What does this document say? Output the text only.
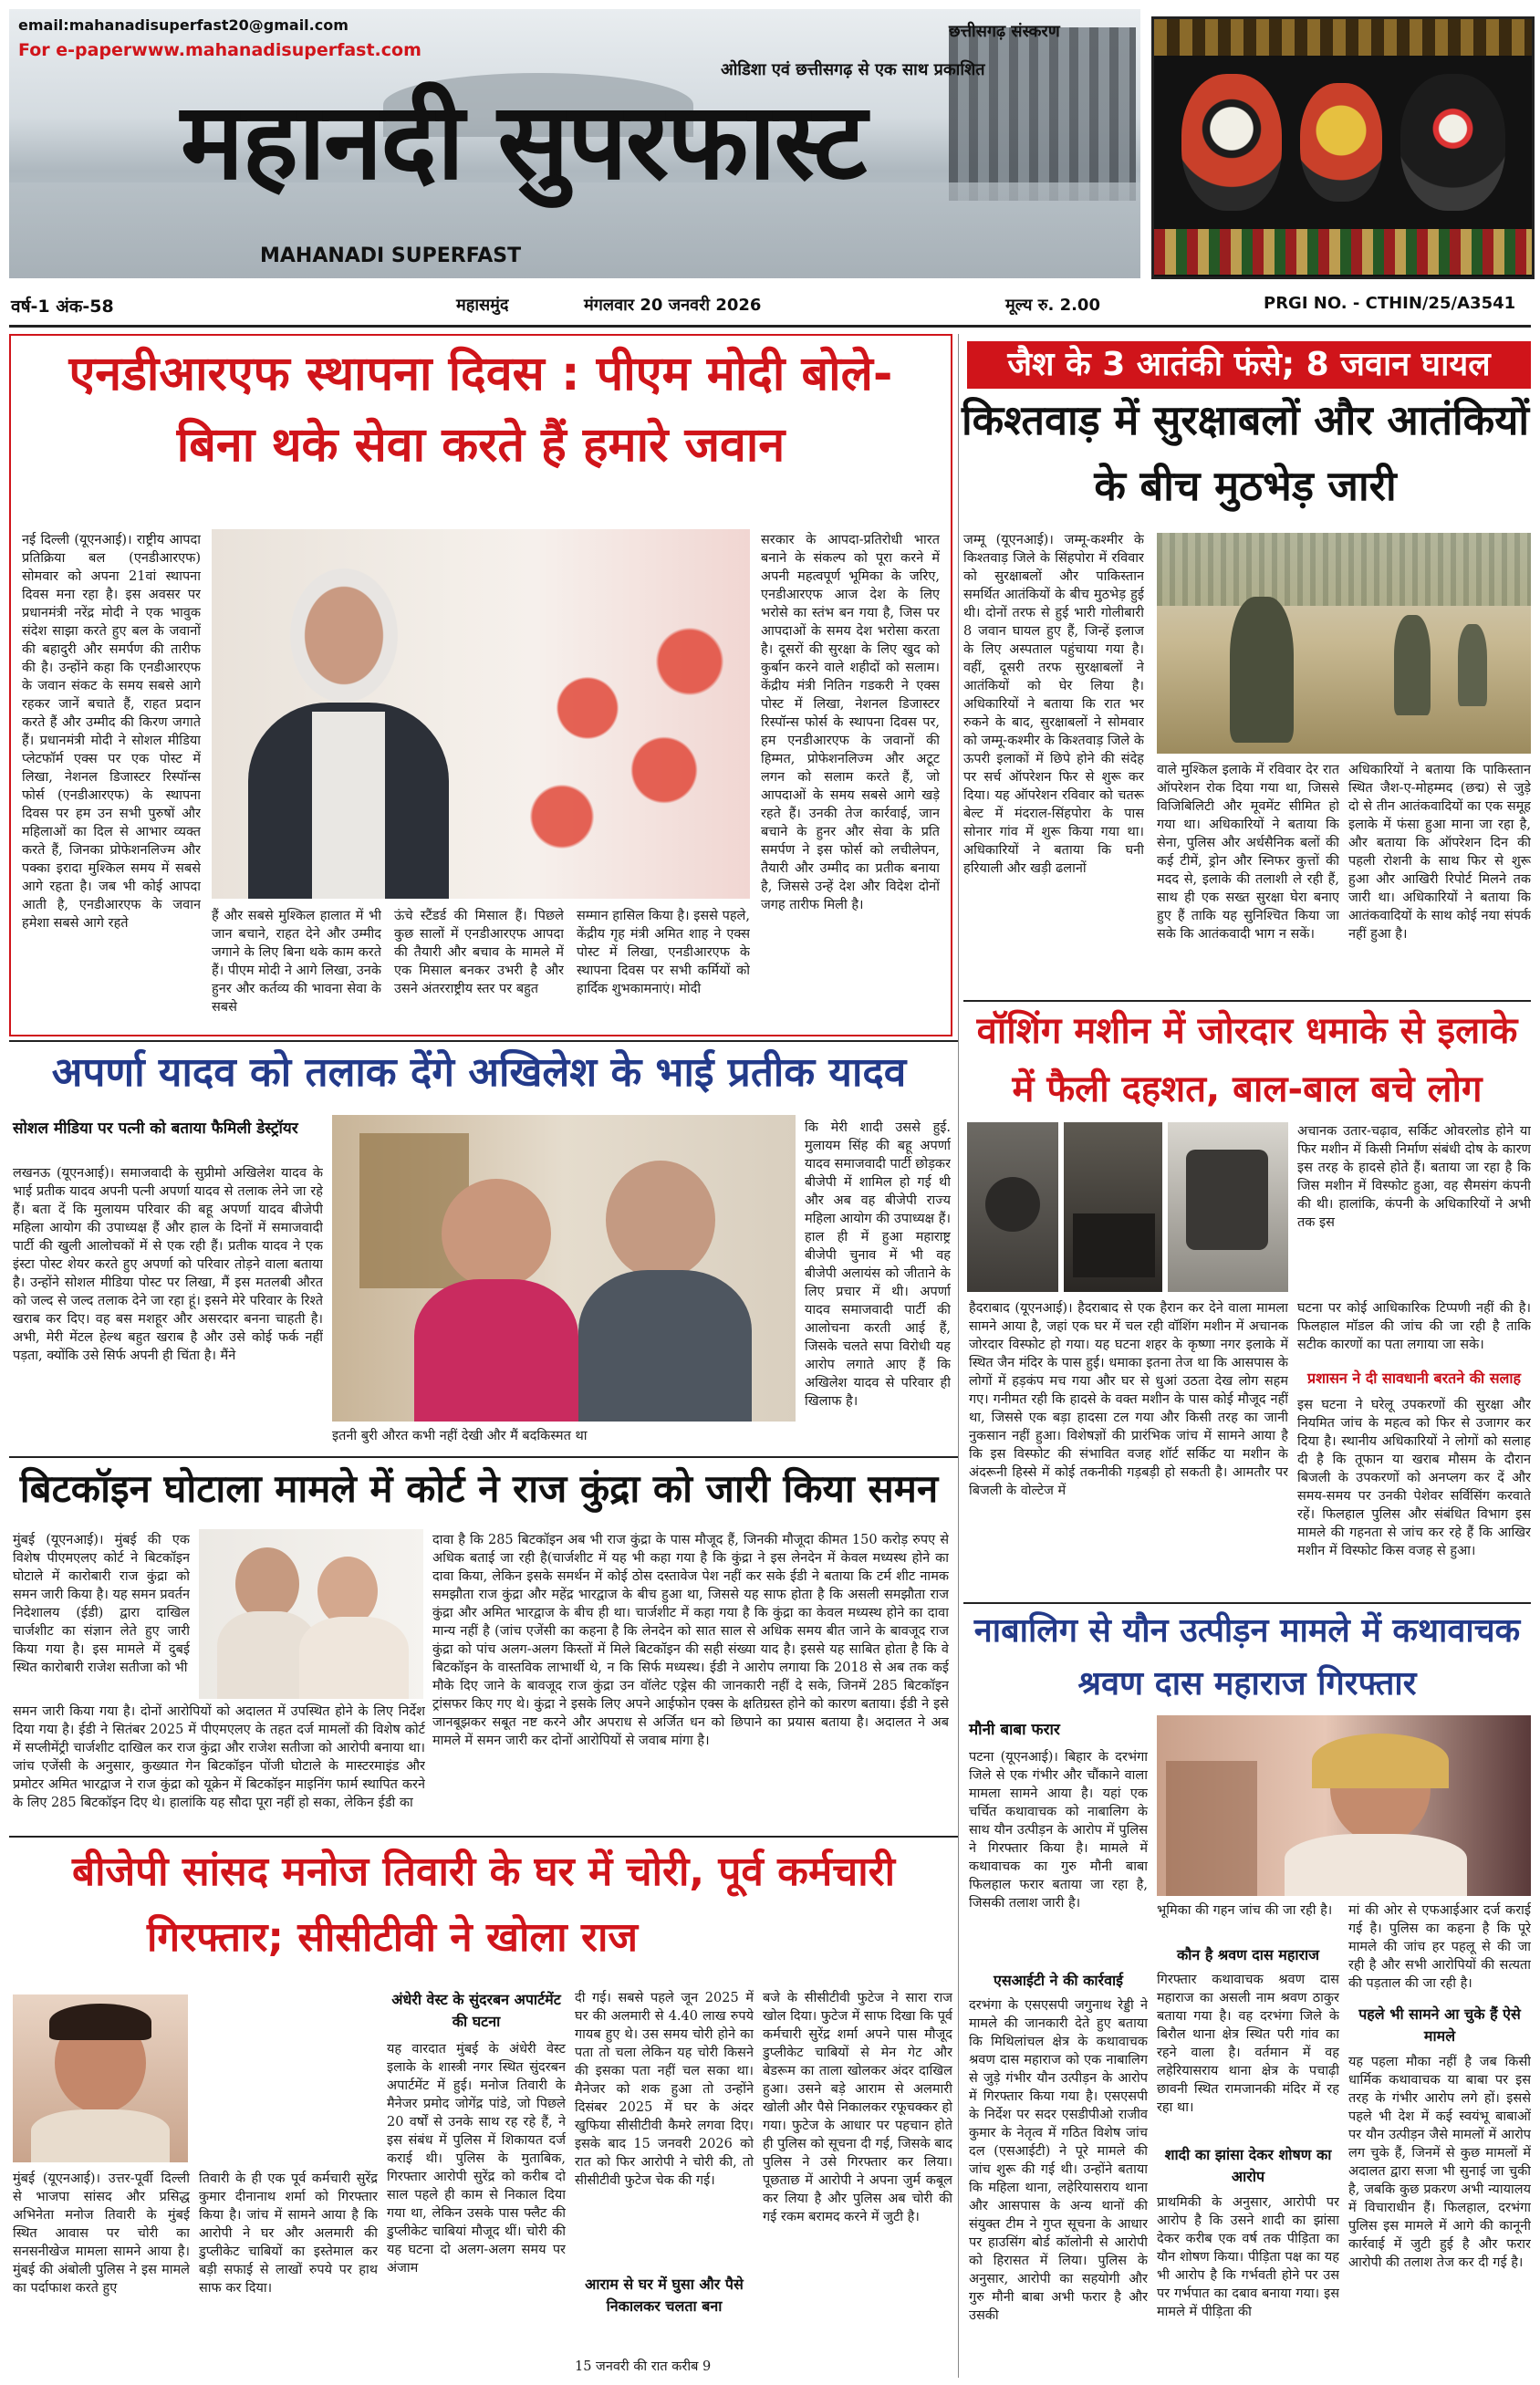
email:mahanadisuperfast20@gmail.com
For e-paperwww.mahanadisuperfast.com
छत्तीसगढ़ संस्करण
ओडिशा एवं छत्तीसगढ़ से एक साथ प्रकाशित
महानदी सुपरफास्ट
MAHANADI SUPERFAST
वर्ष-1 अंक-58	महासमुंद	मंगलवार 20 जनवरी 2026	मूल्य रु. 2.00	PRGI NO. - CTHIN/25/A3541
एनडीआरएफ स्थापना दिवस : पीएम मोदी बोले-
बिना थके सेवा करते हैं हमारे जवान
नई दिल्ली (यूएनआई)। राष्ट्रीय आपदा प्रतिक्रिया बल (एनडीआरएफ) सोमवार को अपना 21वां स्थापना दिवस मना रहा है। इस अवसर पर प्रधानमंत्री नरेंद्र मोदी ने एक भावुक संदेश साझा करते हुए बल के जवानों की बहादुरी और समर्पण की तारीफ की है। उन्होंने कहा कि एनडीआरएफ के जवान संकट के समय सबसे आगे रहकर जानें बचाते हैं, राहत प्रदान करते हैं और उम्मीद की किरण जगाते हैं। प्रधानमंत्री मोदी ने सोशल मीडिया प्लेटफॉर्म एक्स पर एक पोस्ट में लिखा, नेशनल डिजास्टर रिस्पॉन्स फोर्स (एनडीआरएफ) के स्थापना दिवस पर हम उन सभी पुरुषों और महिलाओं का दिल से आभार व्यक्त करते हैं, जिनका प्रोफेशनलिज्म और पक्का इरादा मुश्किल समय में सबसे आगे रहता है। जब भी कोई आपदा आती है, एनडीआरएफ के जवान हमेशा सबसे आगे रहते	हैं और सबसे मुश्किल हालात में भी जान बचाने, राहत देने और उम्मीद जगाने के लिए बिना थके काम करते हैं। पीएम मोदी ने आगे लिखा, उनके हुनर और कर्तव्य की भावना सेवा के सबसे
ऊंचे स्टैंडर्ड की मिसाल हैं। पिछले कुछ सालों में एनडीआरएफ आपदा की तैयारी और बचाव के मामले में एक मिसाल बनकर उभरी है और उसने अंतरराष्ट्रीय स्तर पर बहुत
सम्मान हासिल किया है। इससे पहले, केंद्रीय गृह मंत्री अमित शाह ने एक्स पोस्ट में लिखा, एनडीआरएफ के स्थापना दिवस पर सभी कर्मियों को हार्दिक शुभकामनाएं। मोदी
सरकार के आपदा-प्रतिरोधी भारत बनाने के संकल्प को पूरा करने में अपनी महत्वपूर्ण भूमिका के जरिए, एनडीआरएफ आज देश के लिए भरोसे का स्तंभ बन गया है, जिस पर आपदाओं के समय देश भरोसा करता है। दूसरों की सुरक्षा के लिए खुद को कुर्बान करने वाले शहीदों को सलाम। केंद्रीय मंत्री नितिन गडकरी ने एक्स पोस्ट में लिखा, नेशनल डिजास्टर रिस्पॉन्स फोर्स के स्थापना दिवस पर, हम एनडीआरएफ के जवानों की हिम्मत, प्रोफेशनलिज्म और अटूट लगन को सलाम करते हैं, जो आपदाओं के समय सबसे आगे खड़े रहते हैं। उनकी तेज कार्रवाई, जान बचाने के हुनर और सेवा के प्रति समर्पण ने इस फोर्स को लचीलेपन, तैयारी और उम्मीद का प्रतीक बनाया है, जिससे उन्हें देश और विदेश दोनों जगह तारीफ मिली है।
जैश के 3 आतंकी फंसे; 8 जवान घायल
किश्तवाड़ में सुरक्षाबलों और आतंकियों
के बीच मुठभेड़ जारी
जम्मू (यूएनआई)। जम्मू-कश्मीर के किश्तवाड़ जिले के सिंहपोरा में रविवार को सुरक्षाबलों और पाकिस्तान समर्थित आतंकियों के बीच मुठभेड़ हुई थी। दोनों तरफ से हुई भारी गोलीबारी 8 जवान घायल हुए हैं, जिन्हें इलाज के लिए अस्पताल पहुंचाया गया है। वहीं, दूसरी तरफ सुरक्षाबलों ने आतंकियों को घेर लिया है। अधिकारियों ने बताया कि रात भर रुकने के बाद, सुरक्षाबलों ने सोमवार को जम्मू-कश्मीर के किश्तवाड़ जिले के ऊपरी इलाकों में छिपे होने की संदेह पर सर्च ऑपरेशन फिर से शुरू कर दिया। यह ऑपरेशन रविवार को चतरू बेल्ट में मंदराल-सिंहपोरा के पास सोनार गांव में शुरू किया गया था। अधिकारियों ने बताया कि घनी हरियाली और खड़ी ढलानों
वाले मुश्किल इलाके में रविवार देर रात ऑपरेशन रोक दिया गया था, जिससे विजिबिलिटी और मूवमेंट सीमित हो गया था। अधिकारियों ने बताया कि सेना, पुलिस और अर्धसैनिक बलों की कई टीमें, ड्रोन और स्निफर कुत्तों की मदद से, इलाके की तलाशी ले रही हैं, साथ ही एक सख्त सुरक्षा घेरा बनाए हुए हैं ताकि यह सुनिश्चित किया जा सके कि आतंकवादी भाग न सकें।
अधिकारियों ने बताया कि पाकिस्तान स्थित जैश-ए-मोहम्मद (छद्म) से जुड़े दो से तीन आतंकवादियों का एक समूह इलाके में फंसा हुआ माना जा रहा है, और बताया कि ऑपरेशन दिन की पहली रोशनी के साथ फिर से शुरू हुआ और आखिरी रिपोर्ट मिलने तक जारी था। अधिकारियों ने बताया कि आतंकवादियों के साथ कोई नया संपर्क नहीं हुआ है।
अपर्णा यादव को तलाक देंगे अखिलेश के भाई प्रतीक यादव
सोशल मीडिया पर पत्नी को बताया फैमिली डेस्ट्रॉयर
लखनऊ (यूएनआई)। समाजवादी के सुप्रीमो अखिलेश यादव के भाई प्रतीक यादव अपनी पत्नी अपर्णा यादव से तलाक लेने जा रहे हैं। बता दें कि मुलायम परिवार की बहू अपर्णा यादव बीजेपी महिला आयोग की उपाध्यक्ष हैं और हाल के दिनों में समाजवादी पार्टी की खुली आलोचकों में से एक रही हैं। प्रतीक यादव ने एक इंस्टा पोस्ट शेयर करते हुए अपर्णा को परिवार तोड़ने वाला बताया है। उन्होंने सोशल मीडिया पोस्ट पर लिखा, मैं इस मतलबी औरत को जल्द से जल्द तलाक देने जा रहा हूं। इसने मेरे परिवार के रिश्ते खराब कर दिए। वह बस मशहूर और असरदार बनना चाहती है। अभी, मेरी मेंटल हेल्थ बहुत खराब है और उसे कोई फर्क नहीं पड़ता, क्योंकि उसे सिर्फ अपनी ही चिंता है। मैंने
इतनी बुरी औरत कभी नहीं देखी और मैं बदकिस्मत था
कि मेरी शादी उससे हुई. मुलायम सिंह की बहू अपर्णा यादव समाजवादी पार्टी छोड़कर बीजेपी में शामिल हो गई थी और अब वह बीजेपी राज्य महिला आयोग की उपाध्यक्ष हैं। हाल ही में हुआ महाराष्ट्र बीजेपी चुनाव में भी वह बीजेपी अलायंस को जीताने के लिए प्रचार में थी। अपर्णा यादव समाजवादी पार्टी की आलोचना करती आई हैं, जिसके चलते सपा विरोधी यह आरोप लगाते आए हैं कि अखिलेश यादव से परिवार ही खिलाफ है।
वॉशिंग मशीन में जोरदार धमाके से इलाके
में फैली दहशत, बाल-बाल बचे लोग
अचानक उतार-चढ़ाव, सर्किट ओवरलोड होने या फिर मशीन में किसी निर्माण संबंधी दोष के कारण इस तरह के हादसे होते हैं। बताया जा रहा है कि जिस मशीन में विस्फोट हुआ, वह सैमसंग कंपनी की थी। हालांकि, कंपनी के अधिकारियों ने अभी तक इस
हैदराबाद (यूएनआई)। हैदराबाद से एक हैरान कर देने वाला मामला सामने आया है, जहां एक घर में चल रही वॉशिंग मशीन में अचानक जोरदार विस्फोट हो गया। यह घटना शहर के कृष्णा नगर इलाके में स्थित जैन मंदिर के पास हुई। धमाका इतना तेज था कि आसपास के लोगों में हड़कंप मच गया और घर से धुआं उठता देख लोग सहम गए। गनीमत रही कि हादसे के वक्त मशीन के पास कोई मौजूद नहीं था, जिससे एक बड़ा हादसा टल गया और किसी तरह का जानी नुकसान नहीं हुआ। विशेषज्ञों की प्रारंभिक जांच में सामने आया है कि इस विस्फोट की संभावित वजह शॉर्ट सर्किट या मशीन के अंदरूनी हिस्से में कोई तकनीकी गड़बड़ी हो सकती है। आमतौर पर बिजली के वोल्टेज में
घटना पर कोई आधिकारिक टिप्पणी नहीं की है। फिलहाल मॉडल की जांच की जा रही है ताकि सटीक कारणों का पता लगाया जा सके।
प्रशासन ने दी सावधानी बरतने की सलाह
इस घटना ने घरेलू उपकरणों की सुरक्षा और नियमित जांच के महत्व को फिर से उजागर कर दिया है। स्थानीय अधिकारियों ने लोगों को सलाह दी है कि तूफान या खराब मौसम के दौरान बिजली के उपकरणों को अनप्लग कर दें और समय-समय पर उनकी पेशेवर सर्विसिंग करवाते रहें। फिलहाल पुलिस और संबंधित विभाग इस मामले की गहनता से जांच कर रहे हैं कि आखिर मशीन में विस्फोट किस वजह से हुआ।
बिटकॉइन घोटाला मामले में कोर्ट ने राज कुंद्रा को जारी किया समन
मुंबई (यूएनआई)। मुंबई की एक विशेष पीएमएलए कोर्ट ने बिटकॉइन घोटाले में कारोबारी राज कुंद्रा को समन जारी किया है। यह समन प्रवर्तन निदेशालय (ईडी) द्वारा दाखिल चार्जशीट का संज्ञान लेते हुए जारी किया गया है। इस मामले में दुबई स्थित कारोबारी राजेश सतीजा को भी
दावा है कि 285 बिटकॉइन अब भी राज कुंद्रा के पास मौजूद हैं, जिनकी मौजूदा कीमत 150 करोड़ रुपए से अधिक बताई जा रही है(चार्जशीट में यह भी कहा गया है कि कुंद्रा ने इस लेनदेन में केवल मध्यस्थ होने का दावा किया, लेकिन इसके समर्थन में कोई ठोस दस्तावेज पेश नहीं कर सके ईडी ने बताया कि टर्म शीट नामक समझौता राज कुंद्रा और महेंद्र भारद्वाज के बीच हुआ था, जिससे यह साफ होता है कि असली समझौता राज कुंद्रा और अमित भारद्वाज के बीच ही था। चार्जशीट में कहा गया है कि कुंद्रा का केवल मध्यस्थ होने का दावा मान्य नहीं है (जांच एजेंसी का कहना है कि लेनदेन को सात साल से अधिक समय बीत जाने के बावजूद राज कुंद्रा को पांच अलग-अलग किस्तों में मिले बिटकॉइन की सही संख्या याद है। इससे यह साबित होता है कि वे बिटकॉइन के वास्तविक लाभार्थी थे, न कि सिर्फ मध्यस्थ। ईडी ने आरोप लगाया कि 2018 से अब तक कई मौके दिए जाने के बावजूद राज कुंद्रा उन वॉलेट एड्रेस की जानकारी नहीं दे सके, जिनमें 285 बिटकॉइन ट्रांसफर किए गए थे। कुंद्रा ने इसके लिए अपने आईफोन एक्स के क्षतिग्रस्त होने को कारण बताया। ईडी ने इसे जानबूझकर सबूत नष्ट करने और अपराध से अर्जित धन को छिपाने का प्रयास बताया है। अदालत ने अब मामले में समन जारी कर दोनों आरोपियों से जवाब मांगा है।
समन जारी किया गया है। दोनों आरोपियों को अदालत में उपस्थित होने के लिए निर्देश दिया गया है। ईडी ने सितंबर 2025 में पीएमएलए के तहत दर्ज मामलों की विशेष कोर्ट में सप्लीमेंट्री चार्जशीट दाखिल कर राज कुंद्रा और राजेश सतीजा को आरोपी बनाया था। जांच एजेंसी के अनुसार, कुख्यात गेन बिटकॉइन पोंजी घोटाले के मास्टरमाइंड और प्रमोटर अमित भारद्वाज ने राज कुंद्रा को यूक्रेन में बिटकॉइन माइनिंग फार्म स्थापित करने के लिए 285 बिटकॉइन दिए थे। हालांकि यह सौदा पूरा नहीं हो सका, लेकिन ईडी का
नाबालिग से यौन उत्पीड़न मामले में कथावाचक
श्रवण दास महाराज गिरफ्तार
मौनी बाबा फरार
पटना (यूएनआई)। बिहार के दरभंगा जिले से एक गंभीर और चौंकाने वाला मामला सामने आया है। यहां एक चर्चित कथावाचक को नाबालिग के साथ यौन उत्पीड़न के आरोप में पुलिस ने गिरफ्तार किया है। मामले में कथावाचक का गुरु मौनी बाबा फिलहाल फरार बताया जा रहा है, जिसकी तलाश जारी है।
एसआईटी ने की कार्रवाई
दरभंगा के एसएसपी जगुनाथ रेड्डी ने मामले की जानकारी देते हुए बताया कि मिथिलांचल क्षेत्र के कथावाचक श्रवण दास महाराज को एक नाबालिग से जुड़े गंभीर यौन उत्पीड़न के आरोप में गिरफ्तार किया गया है। एसएसपी के निर्देश पर सदर एसडीपीओ राजीव कुमार के नेतृत्व में गठित विशेष जांच दल (एसआईटी) ने पूरे मामले की जांच शुरू की गई थी। उन्होंने बताया कि महिला थाना, लहेरियासराय थाना और आसपास के अन्य थानों की संयुक्त टीम ने गुप्त सूचना के आधार पर हाउसिंग बोर्ड कॉलोनी से आरोपी को हिरासत में लिया। पुलिस के अनुसार, आरोपी का सहयोगी और गुरु मौनी बाबा अभी फरार है और उसकी
भूमिका की गहन जांच की जा रही है।
कौन है श्रवण दास महाराज
गिरफ्तार कथावाचक श्रवण दास महाराज का असली नाम श्रवण ठाकुर बताया गया है। वह दरभंगा जिले के बिरौल थाना क्षेत्र स्थित परी गांव का रहने वाला है। वर्तमान में वह लहेरियासराय थाना क्षेत्र के पचाढ़ी छावनी स्थित रामजानकी मंदिर में रह रहा था।
शादी का झांसा देकर शोषण का आरोप
प्राथमिकी के अनुसार, आरोपी पर आरोप है कि उसने शादी का झांसा देकर करीब एक वर्ष तक पीड़िता का यौन शोषण किया। पीड़िता पक्ष का यह भी आरोप है कि गर्भवती होने पर उस पर गर्भपात का दबाव बनाया गया। इस मामले में पीड़िता की
मां की ओर से एफआईआर दर्ज कराई गई है। पुलिस का कहना है कि पूरे मामले की जांच हर पहलू से की जा रही है और सभी आरोपियों की सत्यता की पड़ताल की जा रही है।
पहले भी सामने आ चुके हैं ऐसे मामले
यह पहला मौका नहीं है जब किसी धार्मिक कथावाचक या बाबा पर इस तरह के गंभीर आरोप लगे हों। इससे पहले भी देश में कई स्वयंभू बाबाओं पर यौन उत्पीड़न जैसे मामलों में आरोप लग चुके हैं, जिनमें से कुछ मामलों में अदालत द्वारा सजा भी सुनाई जा चुकी है, जबकि कुछ प्रकरण अभी न्यायालय में विचाराधीन हैं। फिलहाल, दरभंगा पुलिस इस मामले में आगे की कानूनी कार्रवाई में जुटी हुई है और फरार आरोपी की तलाश तेज कर दी गई है।
बीजेपी सांसद मनोज तिवारी के घर में चोरी, पूर्व कर्मचारी
गिरफ्तार; सीसीटीवी ने खोला राज
मुंबई (यूएनआई)। उत्तर-पूर्वी दिल्ली से भाजपा सांसद और प्रसिद्ध अभिनेता मनोज तिवारी के मुंबई स्थित आवास पर चोरी का सनसनीखेज मामला सामने आया है। मुंबई की अंबोली पुलिस ने इस मामले का पर्दाफाश करते हुए
तिवारी के ही एक पूर्व कर्मचारी सुरेंद्र कुमार दीनानाथ शर्मा को गिरफ्तार किया है। जांच में सामने आया है कि आरोपी ने घर और अलमारी की डुप्लीकेट चाबियों का इस्तेमाल कर बड़ी सफाई से लाखों रुपये पर हाथ साफ कर दिया।
अंधेरी वेस्ट के सुंदरबन अपार्टमेंट की घटना
यह वारदात मुंबई के अंधेरी वेस्ट इलाके के शास्त्री नगर स्थित सुंदरबन अपार्टमेंट में हुई। मनोज तिवारी के मैनेजर प्रमोद जोगेंद्र पांडे, जो पिछले 20 वर्षों से उनके साथ रह रहे हैं, ने इस संबंध में पुलिस में शिकायत दर्ज कराई थी। पुलिस के मुताबिक, गिरफ्तार आरोपी सुरेंद्र को करीब दो साल पहले ही काम से निकाल दिया गया था, लेकिन उसके पास फ्लैट की डुप्लीकेट चाबियां मौजूद थीं। चोरी की यह घटना दो अलग-अलग समय पर अंजाम
दी गई। सबसे पहले जून 2025 में घर की अलमारी से 4.40 लाख रुपये गायब हुए थे। उस समय चोरी होने का पता तो चला लेकिन यह चोरी किसने की इसका पता नहीं चल सका था। मैनेजर को शक हुआ तो उन्होंने दिसंबर 2025 में घर के अंदर खुफिया सीसीटीवी कैमरे लगवा दिए। इसके बाद 15 जनवरी 2026 को रात को फिर आरोपी ने चोरी की, तो सीसीटीवी फुटेज चेक की गई।
आराम से घर में घुसा और पैसे निकालकर चलता बना
15 जनवरी की रात करीब 9
बजे के सीसीटीवी फुटेज ने सारा राज खोल दिया। फुटेज में साफ दिखा कि पूर्व कर्मचारी सुरेंद्र शर्मा अपने पास मौजूद डुप्लीकेट चाबियों से मेन गेट और बेडरूम का ताला खोलकर अंदर दाखिल हुआ। उसने बड़े आराम से अलमारी खोली और पैसे निकालकर रफूचक्कर हो गया। फुटेज के आधार पर पहचान होते ही पुलिस को सूचना दी गई, जिसके बाद पुलिस ने उसे गिरफ्तार कर लिया। पूछताछ में आरोपी ने अपना जुर्म कबूल कर लिया है और पुलिस अब चोरी की गई रकम बरामद करने में जुटी है।
